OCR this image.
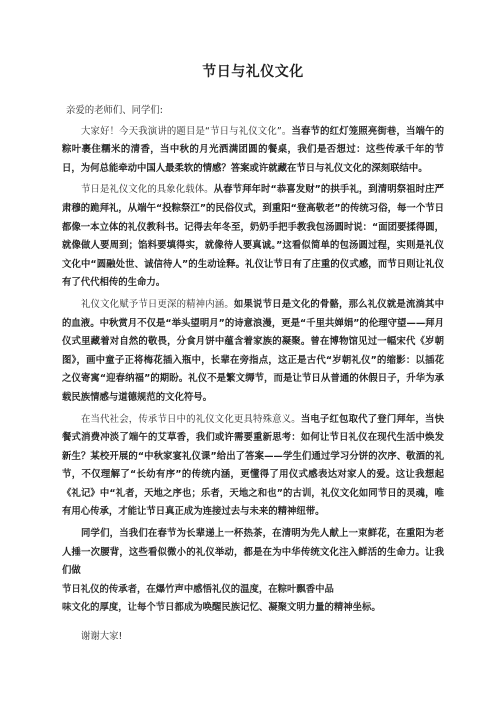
节日与礼仪文化

亲爱的老师们、同学们:

大家好！今天我演讲的题目是“节日与礼仪文化”。当春节的红灯笼照亮街巷，当端午的粽叶裹住糯米的清香，当中秋的月光洒满团圆的餐桌，我们是否想过：这些传承千年的节日，为何总能牵动中国人最柔软的情感？答案或许就藏在节日与礼仪文化的深刻联结中。

节日是礼仪文化的具象化载体。从春节拜年时“恭喜发财”的拱手礼，到清明祭祖时庄严肃穆的跪拜礼，从端午“投粽祭江”的民俗仪式，到重阳“登高敬老”的传统习俗，每一个节日都像一本立体的礼仪教科书。记得去年冬至，奶奶手把手教我包汤圆时说：“面团要揉得圆，就像做人要周到；馅料要填得实，就像待人要真诚。”这看似简单的包汤圆过程，实则是礼仪文化中“圆融处世、诚信待人”的生动诠释。礼仪让节日有了庄重的仪式感，而节日则让礼仪有了代代相传的生命力。

礼仪文化赋予节日更深的精神内涵。如果说节日是文化的骨骼，那么礼仪就是流淌其中的血液。中秋赏月不仅是“举头望明月”的诗意浪漫，更是“千里共婵娟”的伦理守望——拜月仪式里藏着对自然的敬畏，分食月饼中蕴含着家族的凝聚。曾在博物馆见过一幅宋代《岁朝图》，画中童子正将梅花插入瓶中，长辈在旁指点，这正是古代“岁朝礼仪”的缩影：以插花之仪寄寓“迎春纳福”的期盼。礼仪不是繁文缛节，而是让节日从普通的休假日子，升华为承载民族情感与道德规范的文化符号。

在当代社会，传承节日中的礼仪文化更具特殊意义。当电子红包取代了登门拜年，当快餐式消费冲淡了端午的艾草香，我们或许需要重新思考：如何让节日礼仪在现代生活中焕发新生？某校开展的“中秋家宴礼仪课”给出了答案——学生们通过学习分饼的次序、敬酒的礼节，不仅理解了“长幼有序”的传统内涵，更懂得了用仪式感表达对家人的爱。这让我想起《礼记》中“礼者，天地之序也；乐者，天地之和也”的古训，礼仪文化如同节日的灵魂，唯有用心传承，才能让节日真正成为连接过去与未来的精神纽带。

同学们，当我们在春节为长辈递上一杯热茶，在清明为先人献上一束鲜花，在重阳为老人捶一次腰背，这些看似微小的礼仪举动，都是在为中华传统文化注入鲜活的生命力。让我们做

节日礼仪的传承者，在爆竹声中感悟礼仪的温度，在粽叶飘香中品

味文化的厚度，让每个节日都成为唤醒民族记忆、凝聚文明力量的精神坐标。

谢谢大家!
